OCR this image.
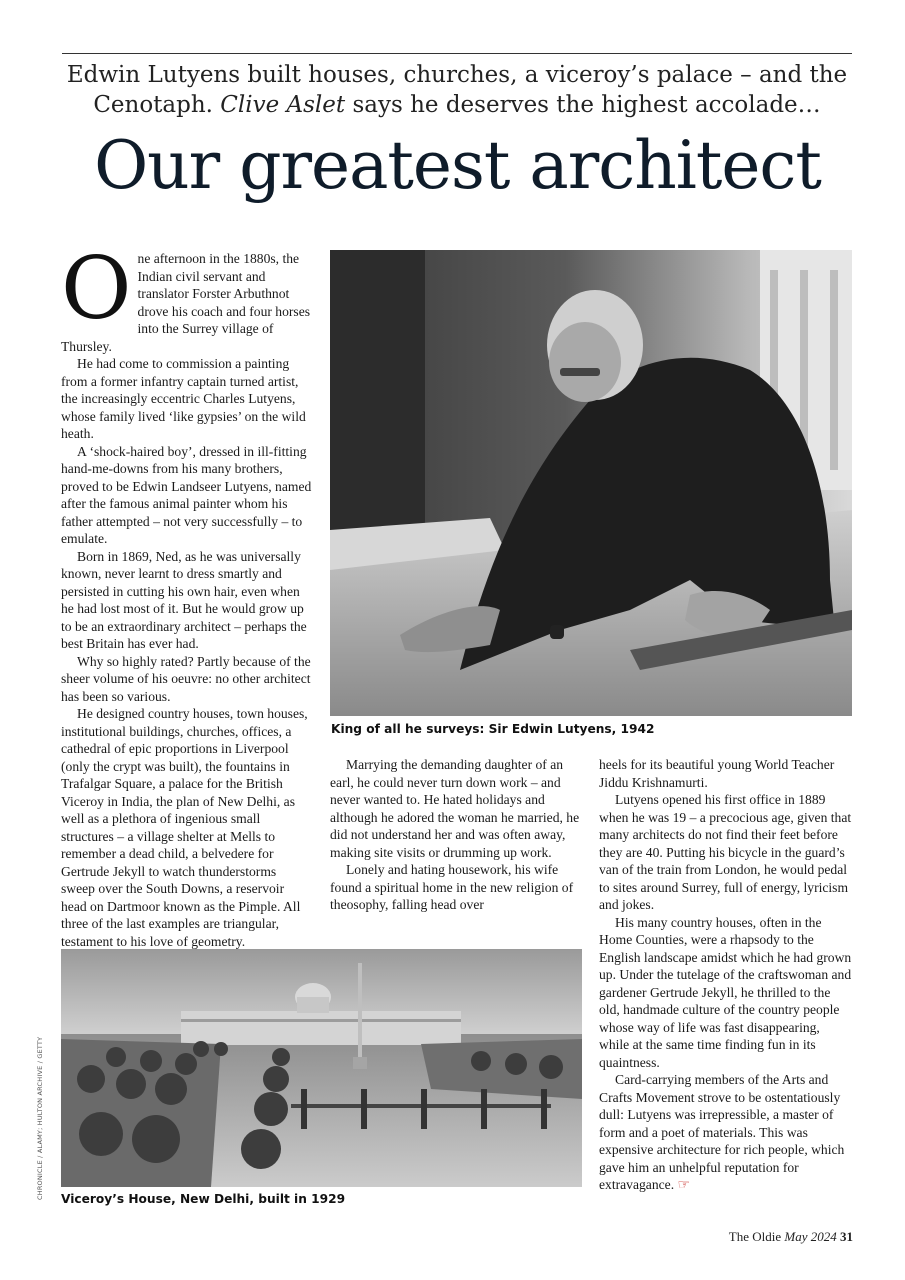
Edwin Lutyens built houses, churches, a viceroy’s palace – and the
Cenotaph. Clive Aslet says he deserves the highest accolade…
Our greatest architect

One afternoon in the 1880s, the Indian civil servant and translator Forster Arbuthnot drove his coach and four horses into the Surrey village of Thursley.

He had come to commission a painting from a former infantry captain turned artist, the increasingly eccentric Charles Lutyens, whose family lived ‘like gypsies’ on the wild heath.

A ‘shock-haired boy’, dressed in ill-fitting hand-me-downs from his many brothers, proved to be Edwin Landseer Lutyens, named after the famous animal painter whom his father attempted – not very successfully – to emulate.

Born in 1869, Ned, as he was universally known, never learnt to dress smartly and persisted in cutting his own hair, even when he had lost most of it. But he would grow up to be an extraordinary architect – perhaps the best Britain has ever had.

Why so highly rated? Partly because of the sheer volume of his oeuvre: no other architect has been so various.

He designed country houses, town houses, institutional buildings, churches, offices, a cathedral of epic proportions in Liverpool (only the crypt was built), the fountains in Trafalgar Square, a palace for the British Viceroy in India, the plan of New Delhi, as well as a plethora of ingenious small structures – a village shelter at Mells to remember a dead child, a belvedere for Gertrude Jekyll to watch thunderstorms sweep over the South Downs, a reservoir head on Dartmoor known as the Pimple. All three of the last examples are triangular, testament to his love of geometry.

King of all he surveys: Sir Edwin Lutyens, 1942

Marrying the demanding daughter of an earl, he could never turn down work – and never wanted to. He hated holidays and although he adored the woman he married, he did not understand her and was often away, making site visits or drumming up work.

Lonely and hating housework, his wife found a spiritual home in the new religion of theosophy, falling head over

heels for its beautiful young World Teacher Jiddu Krishnamurti.

Lutyens opened his first office in 1889 when he was 19 – a precocious age, given that many architects do not find their feet before they are 40. Putting his bicycle in the guard’s van of the train from London, he would pedal to sites around Surrey, full of energy, lyricism and jokes.

His many country houses, often in the Home Counties, were a rhapsody to the English landscape amidst which he had grown up. Under the tutelage of the craftswoman and gardener Gertrude Jekyll, he thrilled to the old, handmade culture of the country people whose way of life was fast disappearing, while at the same time finding fun in its quaintness.

Card-carrying members of the Arts and Crafts Movement strove to be ostentatiously dull: Lutyens was irrepressible, a master of form and a poet of materials. This was expensive architecture for rich people, which gave him an unhelpful reputation for extravagance. ☞

Viceroy’s House, New Delhi, built in 1929
CHRONICLE / ALAMY; HULTON ARCHIVE / GETTY
The Oldie May 2024 31
